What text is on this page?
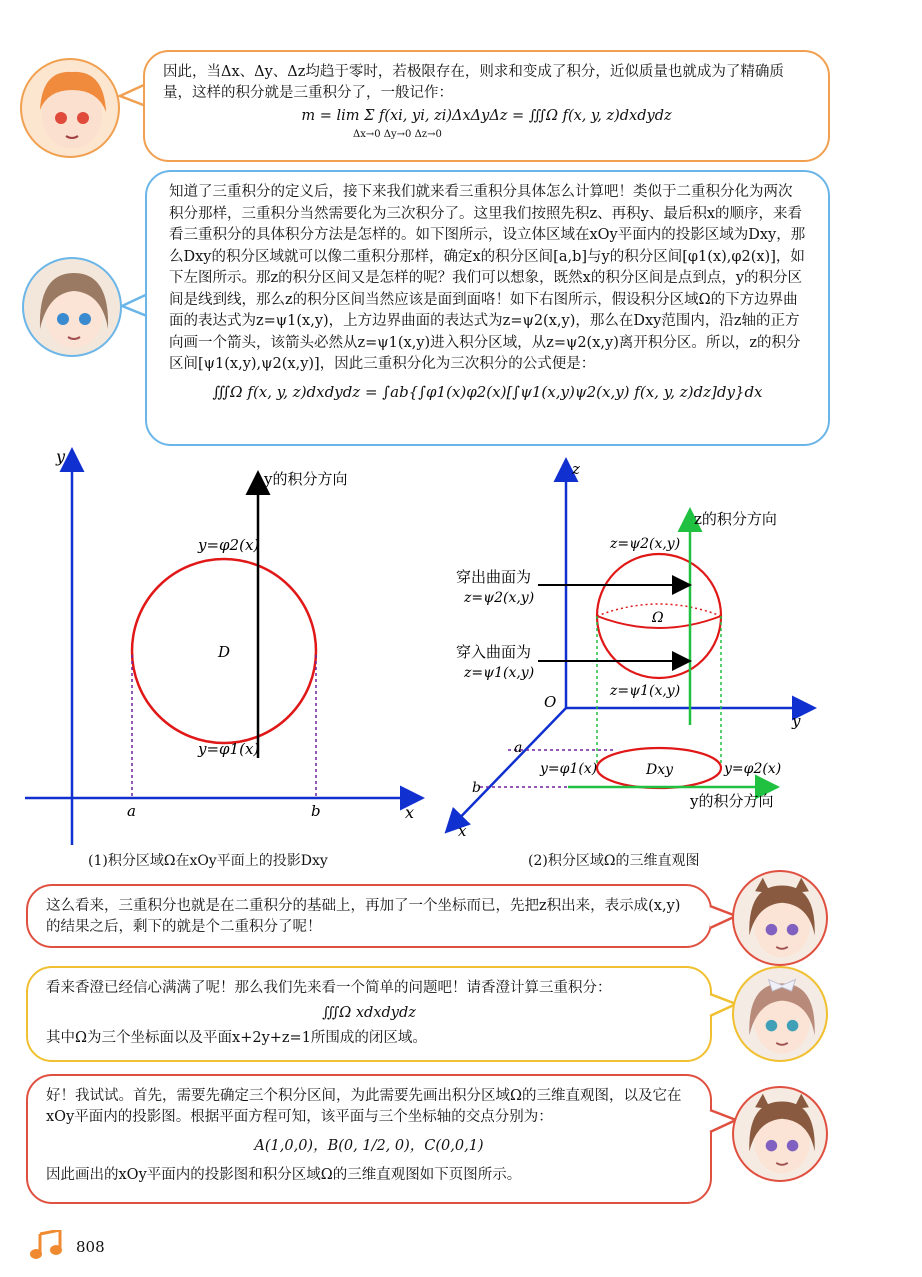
因此，当Δx、Δy、Δz均趋于零时，若极限存在，则求和变成了积分，近似质量也就成为了精确质量，这样的积分就是三重积分了，一般记作：
m = lim Σ f(xi, yi, zi)ΔxΔyΔz = ∭Ω f(x, y, z)dxdydz
Δx→0 Δy→0 Δz→0
知道了三重积分的定义后，接下来我们就来看三重积分具体怎么计算吧！类似于二重积分化为两次积分那样，三重积分当然需要化为三次积分了。这里我们按照先积z、再积y、最后积x的顺序，来看看三重积分的具体积分方法是怎样的。如下图所示，设立体区域在xOy平面内的投影区域为Dxy，那么Dxy的积分区域就可以像二重积分那样，确定x的积分区间[a,b]与y的积分区间[φ1(x),φ2(x)]，如下左图所示。那z的积分区间又是怎样的呢？我们可以想象，既然x的积分区间是点到点，y的积分区间是线到线，那么z的积分区间当然应该是面到面咯！如下右图所示，假设积分区域Ω的下方边界曲面的表达式为z=ψ1(x,y)，上方边界曲面的表达式为z=ψ2(x,y)，那么在Dxy范围内，沿z轴的正方向画一个箭头，该箭头必然从z=ψ1(x,y)进入积分区域，从z=ψ2(x,y)离开积分区。所以，z的积分区间[ψ1(x,y),ψ2(x,y)]，因此三重积分化为三次积分的公式便是：
∭Ω f(x, y, z)dxdydz = ∫ab{∫φ1(x)φ2(x)[∫ψ1(x,y)ψ2(x,y) f(x, y, z)dz]dy}dx
y
x
y的积分方向
y=φ2(x)
y=φ1(x)
D
a	b
(1)积分区域Ω在xOy平面上的投影Dxy
z
y
x
O
z的积分方向
z=ψ2(x,y)
z=ψ1(x,y)
Ω
穿出曲面为
z=ψ2(x,y)
穿入曲面为
z=ψ1(x,y)
Dxy
y=φ1(x)	y=φ2(x)
a
b
y的积分方向
(2)积分区域Ω的三维直观图
这么看来，三重积分也就是在二重积分的基础上，再加了一个坐标而已，先把z积出来，表示成(x,y)的结果之后，剩下的就是个二重积分了呢！
看来香澄已经信心满满了呢！那么我们先来看一个简单的问题吧！请香澄计算三重积分：
∭Ω xdxdydz
其中Ω为三个坐标面以及平面x+2y+z=1所围成的闭区域。
好！我试试。首先，需要先确定三个积分区间，为此需要先画出积分区域Ω的三维直观图，以及它在xOy平面内的投影图。根据平面方程可知，该平面与三个坐标轴的交点分别为：
A(1,0,0)，B(0, 1/2, 0)，C(0,0,1)
因此画出的xOy平面内的投影图和积分区域Ω的三维直观图如下页图所示。
808
